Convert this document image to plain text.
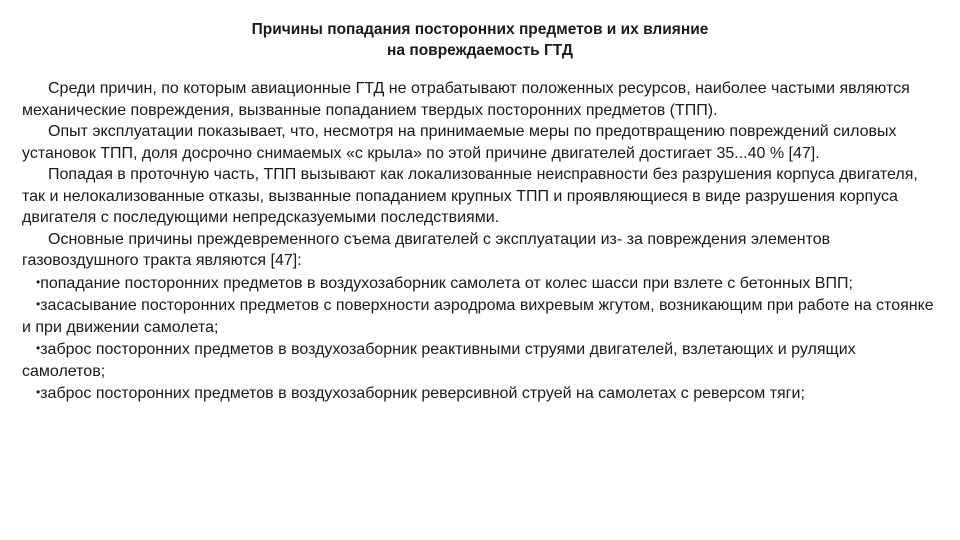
Причины попадания посторонних предметов и их влияние
на повреждаемость ГТД

Среди причин, по которым авиационные ГТД не отрабатывают положенных ресурсов, наиболее частыми являются механические повреждения, вызванные попаданием твердых посторонних предметов (ТПП).

Опыт эксплуатации показывает, что, несмотря на принимаемые меры по предотвращению повреждений силовых установок ТПП, доля досрочно снимаемых «с крыла» по этой причине двигателей достигает 35...40 % [47].

Попадая в проточную часть, ТПП вызывают как локализованные неисправности без разрушения корпуса двигателя, так и нелокализованные отказы, вызванные попаданием крупных ТПП и проявляющиеся в виде разрушения корпуса двигателя с последующими непредсказуемыми последствиями.

Основные причины преждевременного съема двигателей с эксплуатации из- за повреждения элементов газовоздушного тракта являются [47]:

•попадание посторонних предметов в воздухозаборник самолета от колес шасси при взлете с бетонных ВПП;

•засасывание посторонних предметов с поверхности аэродрома вихревым жгутом, возникающим при работе на стоянке и при движении самолета;

•заброс посторонних предметов в воздухозаборник реактивными струями двигателей, взлетающих и рулящих самолетов;

•заброс посторонних предметов в воздухозаборник реверсивной струей на самолетах с реверсом тяги;
